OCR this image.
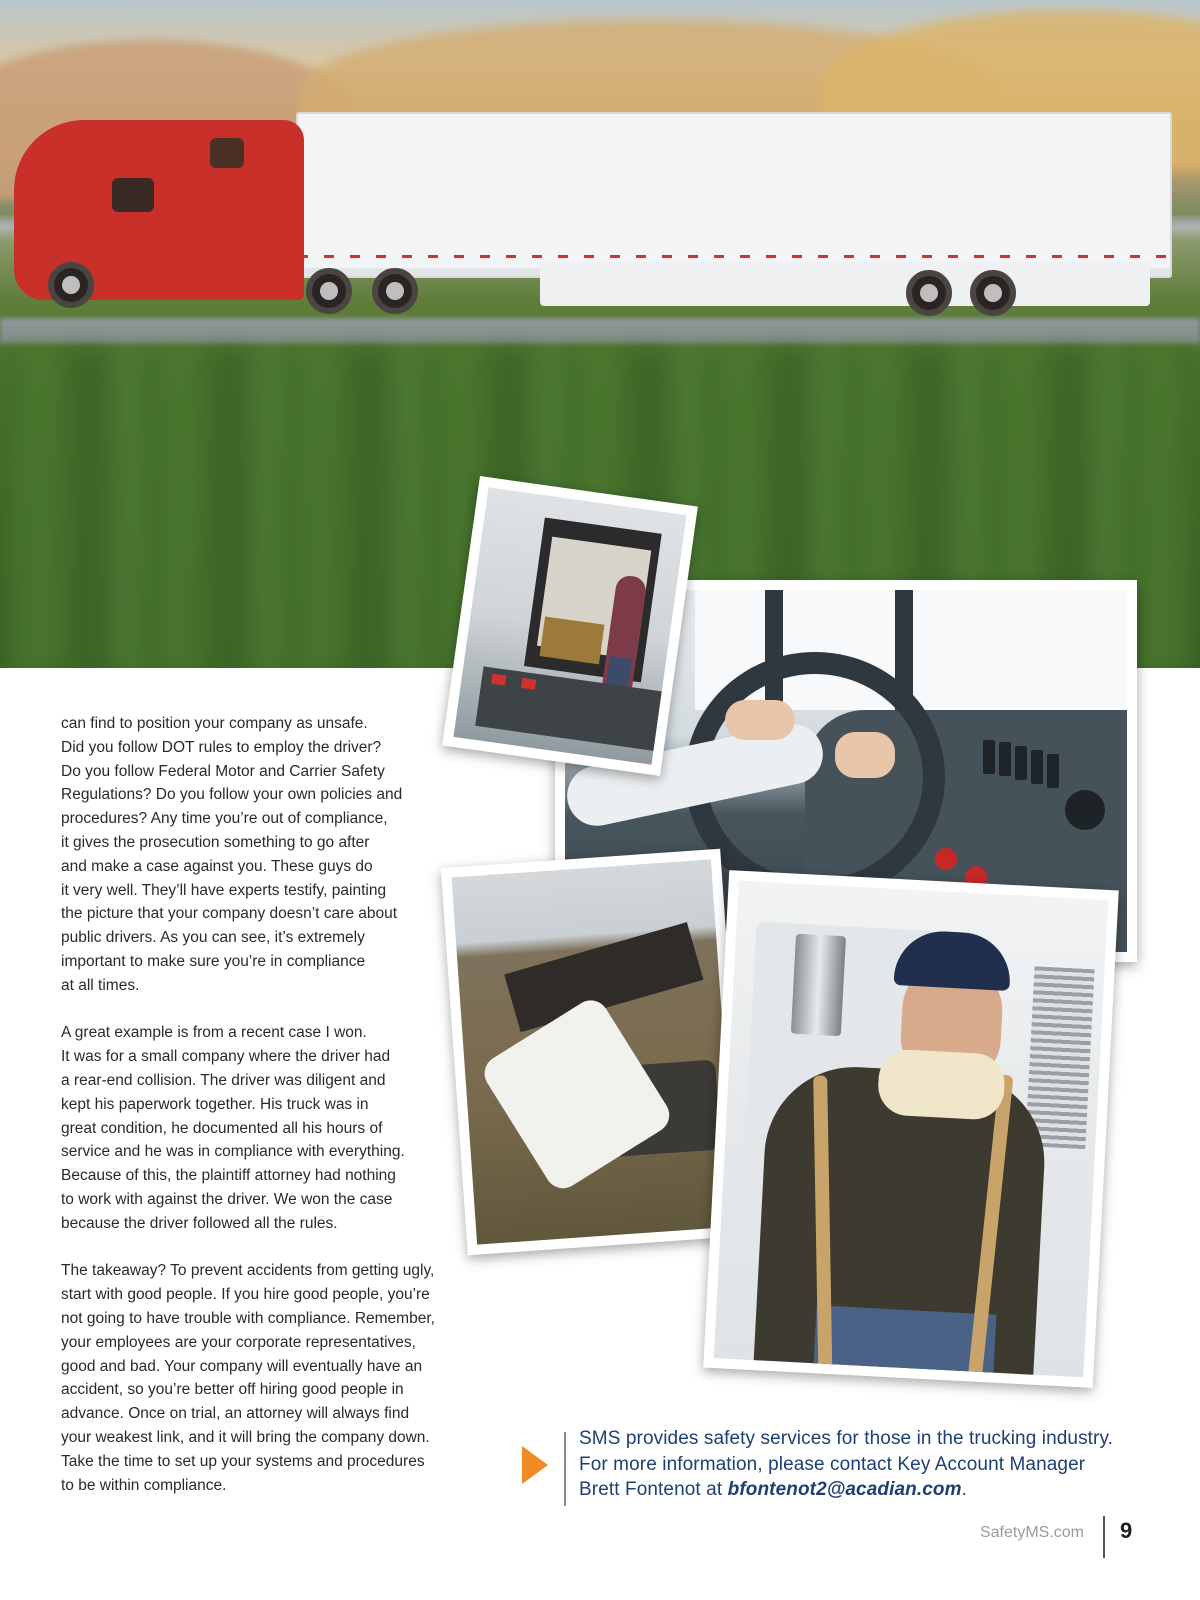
can find to position your company as unsafe.
Did you follow DOT rules to employ the driver?
Do you follow Federal Motor and Carrier Safety
Regulations? Do you follow your own policies and
procedures? Any time you’re out of compliance,
it gives the prosecution something to go after
and make a case against you. These guys do
it very well. They’ll have experts testify, painting
the picture that your company doesn’t care about
public drivers. As you can see, it’s extremely
important to make sure you’re in compliance
at all times.

A great example is from a recent case I won.
It was for a small company where the driver had
a rear-end collision. The driver was diligent and
kept his paperwork together. His truck was in
great condition, he documented all his hours of
service and he was in compliance with everything.
Because of this, the plaintiff attorney had nothing
to work with against the driver. We won the case
because the driver followed all the rules.

The takeaway? To prevent accidents from getting ugly,
start with good people. If you hire good people, you’re
not going to have trouble with compliance. Remember,
your employees are your corporate representatives,
good and bad. Your company will eventually have an
accident, so you’re better off hiring good people in
advance. Once on trial, an attorney will always find
your weakest link, and it will bring the company down.
Take the time to set up your systems and procedures
to be within compliance.

SMS provides safety services for those in the trucking industry.
For more information, please contact Key Account Manager
Brett Fontenot at bfontenot2@acadian.com.
SafetyMS.com 9
